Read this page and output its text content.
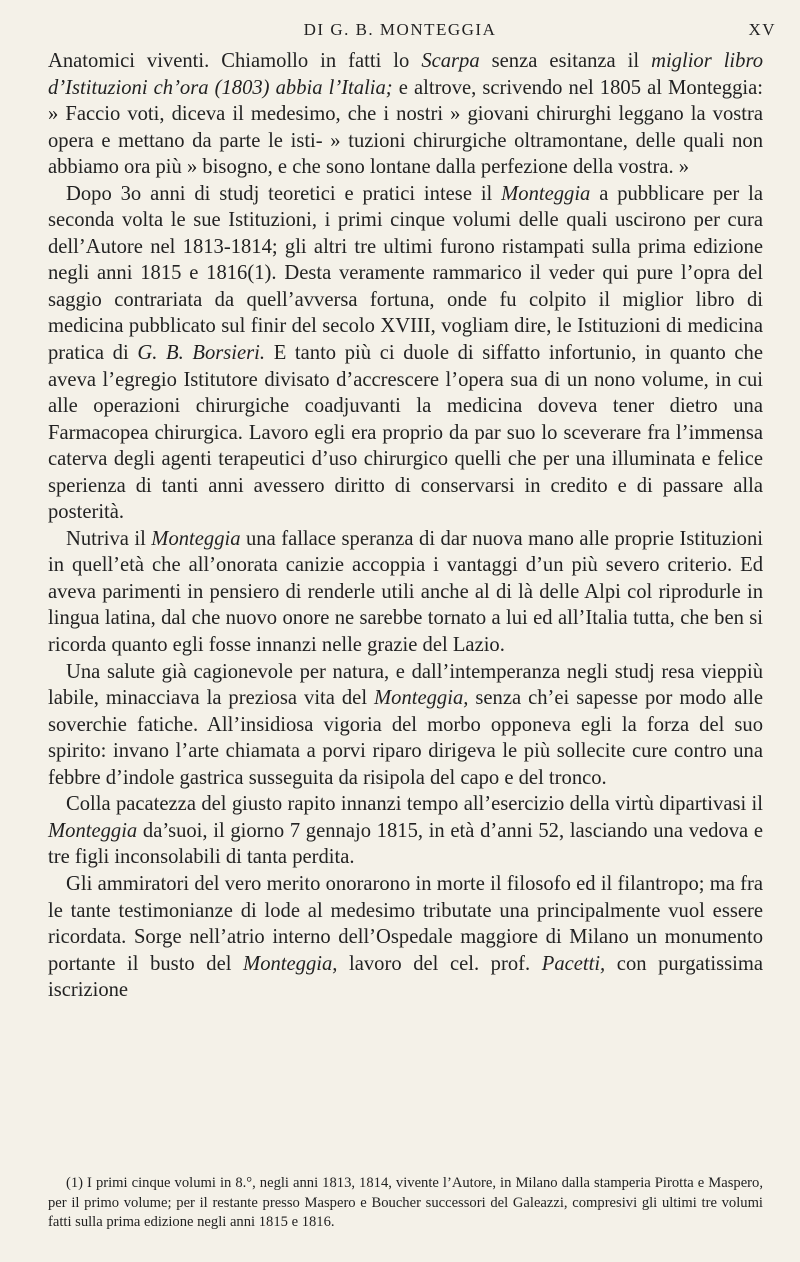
DI G. B. MONTEGGIA	XV

Anatomici viventi. Chiamollo in fatti lo Scarpa senza esitanza il miglior libro d’Istituzioni ch’ora (1803) abbia l’Italia; e altrove, scrivendo nel 1805 al Monteggia: » Faccio voti, diceva il medesimo, che i nostri » giovani chirurghi leggano la vostra opera e mettano da parte le isti- » tuzioni chirurgiche oltramontane, delle quali non abbiamo ora più » bisogno, e che sono lontane dalla perfezione della vostra. »

Dopo 3o anni di studj teoretici e pratici intese il Monteggia a pubblicare per la seconda volta le sue Istituzioni, i primi cinque volumi delle quali uscirono per cura dell’Autore nel 1813-1814; gli altri tre ultimi furono ristampati sulla prima edizione negli anni 1815 e 1816(1). Desta veramente rammarico il veder qui pure l’opra del saggio contrariata da quell’avversa fortuna, onde fu colpito il miglior libro di medicina pubblicato sul finir del secolo XVIII, vogliam dire, le Istituzioni di medicina pratica di G. B. Borsieri. E tanto più ci duole di siffatto infortunio, in quanto che aveva l’egregio Istitutore divisato d’accrescere l’opera sua di un nono volume, in cui alle operazioni chirurgiche coadjuvanti la medicina doveva tener dietro una Farmacopea chirurgica. Lavoro egli era proprio da par suo lo sceverare fra l’immensa caterva degli agenti terapeutici d’uso chirurgico quelli che per una illuminata e felice sperienza di tanti anni avessero diritto di conservarsi in credito e di passare alla posterità.

Nutriva il Monteggia una fallace speranza di dar nuova mano alle proprie Istituzioni in quell’età che all’onorata canizie accoppia i vantaggi d’un più severo criterio. Ed aveva parimenti in pensiero di renderle utili anche al di là delle Alpi col riprodurle in lingua latina, dal che nuovo onore ne sarebbe tornato a lui ed all’Italia tutta, che ben si ricorda quanto egli fosse innanzi nelle grazie del Lazio.

Una salute già cagionevole per natura, e dall’intemperanza negli studj resa vieppiù labile, minacciava la preziosa vita del Monteggia, senza ch’ei sapesse por modo alle soverchie fatiche. All’insidiosa vigoria del morbo opponeva egli la forza del suo spirito: invano l’arte chiamata a porvi riparo dirigeva le più sollecite cure contro una febbre d’indole gastrica susseguita da risipola del capo e del tronco.

Colla pacatezza del giusto rapito innanzi tempo all’esercizio della virtù dipartivasi il Monteggia da’suoi, il giorno 7 gennajo 1815, in età d’anni 52, lasciando una vedova e tre figli inconsolabili di tanta perdita.

Gli ammiratori del vero merito onorarono in morte il filosofo ed il filantropo; ma fra le tante testimonianze di lode al medesimo tributate una principalmente vuol essere ricordata. Sorge nell’atrio interno dell’Ospedale maggiore di Milano un monumento portante il busto del Monteggia, lavoro del cel. prof. Pacetti, con purgatissima iscrizione

(1) I primi cinque volumi in 8.°, negli anni 1813, 1814, vivente l’Autore, in Milano dalla stamperia Pirotta e Maspero, per il primo volume; per il restante presso Maspero e Boucher successori del Galeazzi, compresivi gli ultimi tre volumi fatti sulla prima edizione negli anni 1815 e 1816.
